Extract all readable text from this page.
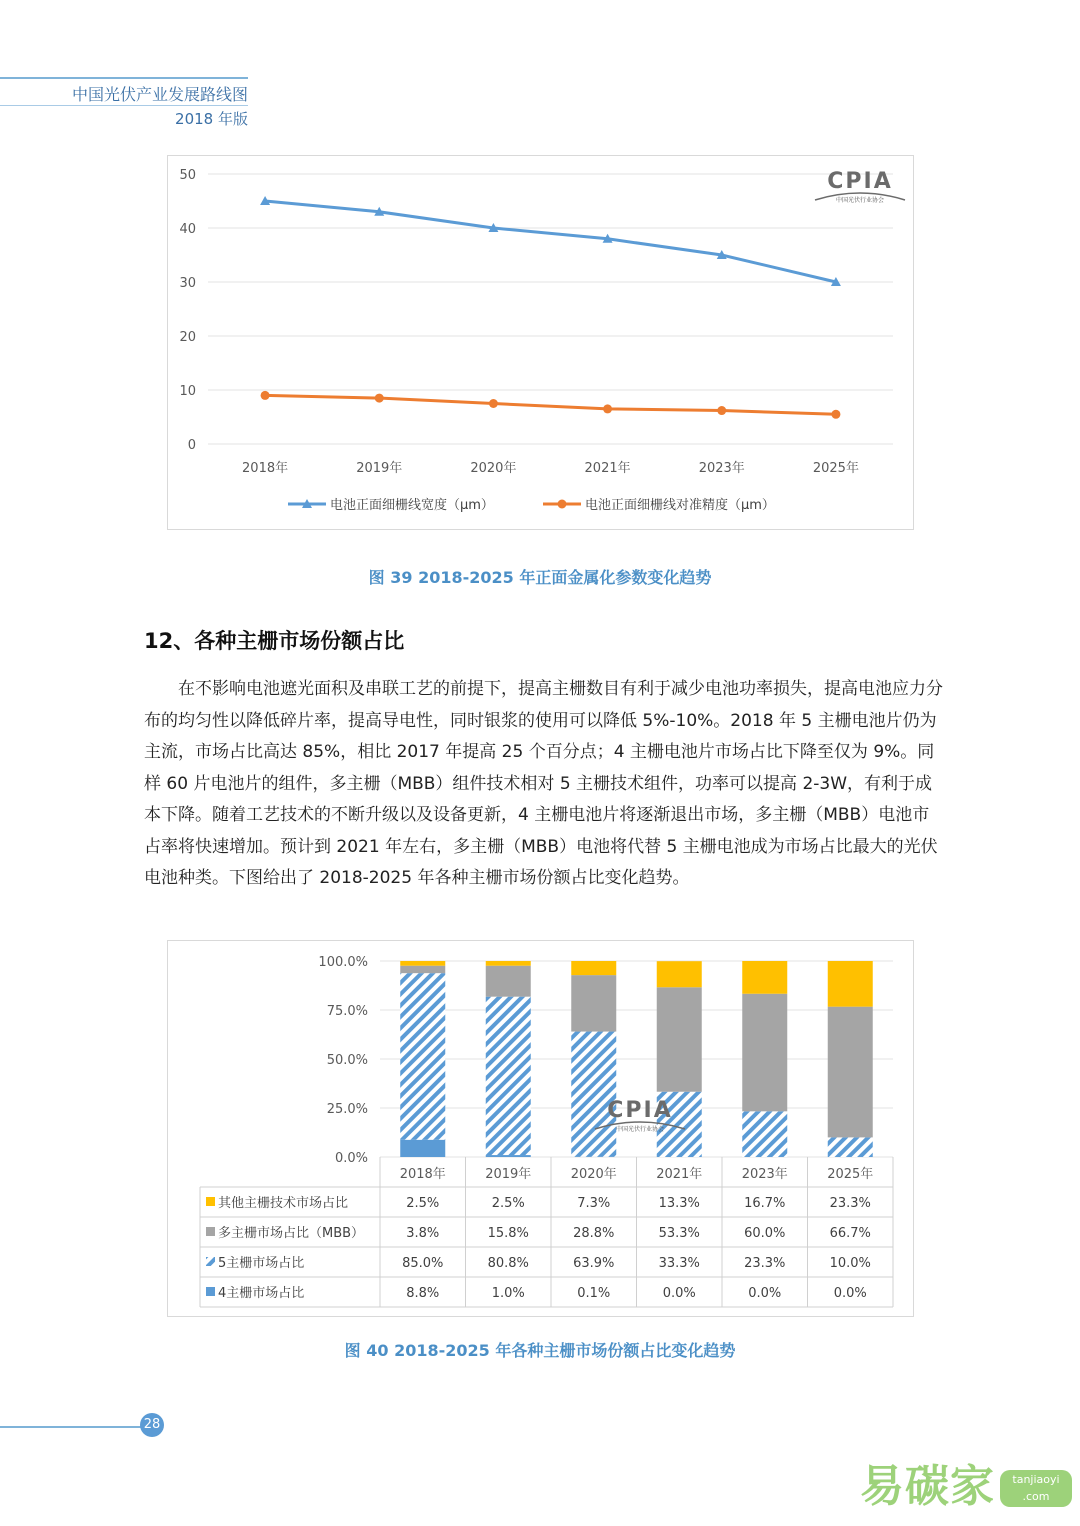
中国光伏产业发展路线图
2018 年版
0
10
20
30
40
50
2018年	2019年	2020年	2021年	2023年	2025年
电池正面细栅线宽度（μm）	电池正面细栅线对准精度（μm）
CPIA
中国光伏行业协会
图 39 2018-2025 年正面金属化参数变化趋势
12、各种主栅市场份额占比

在不影响电池遮光面积及串联工艺的前提下，提高主栅数目有利于减少电池功率损失，提高电池应力分布的均匀性以降低碎片率，提高导电性，同时银浆的使用可以降低 5%-10%。2018 年 5 主栅电池片仍为主流，市场占比高达 85%，相比 2017 年提高 25 个百分点；4 主栅电池片市场占比下降至仅为 9%。同样 60 片电池片的组件，多主栅（MBB）组件技术相对 5 主栅技术组件，功率可以提高 2-3W，有利于成本下降。随着工艺技术的不断升级以及设备更新，4 主栅电池片将逐渐退出市场，多主栅（MBB）电池市占率将快速增加。预计到 2021 年左右，多主栅（MBB）电池将代替 5 主栅电池成为市场占比最大的光伏电池种类。下图给出了 2018-2025 年各种主栅市场份额占比变化趋势。

0.0%
25.0%
50.0%
75.0%
100.0%
2018年	2019年	2020年	2021年	2023年	2025年
其他主栅技术市场占比	2.5%	2.5%	7.3%	13.3%	16.7%	23.3%
多主栅市场占比（MBB）	3.8%	15.8%	28.8%	53.3%	60.0%	66.7%
5主栅市场占比	85.0%	80.8%	63.9%	33.3%	23.3%	10.0%
4主栅市场占比	8.8%	1.0%	0.1%	0.0%	0.0%	0.0%
CPIA
中国光伏行业协会
图 40 2018-2025 年各种主栅市场份额占比变化趋势
28
易碳家	tanjiaoyi
.com
